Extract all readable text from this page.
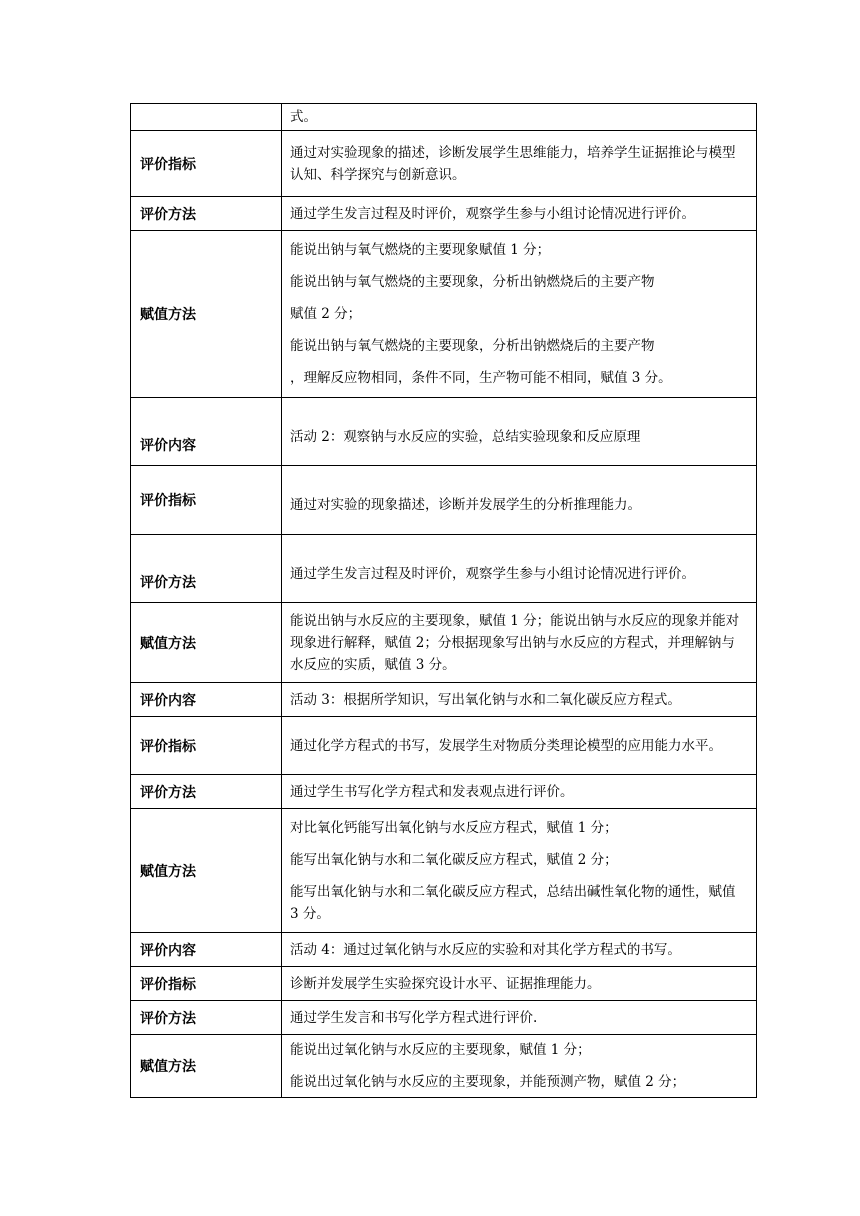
	式。

评价指标	通过对实验现象的描述，诊断发展学生思维能力，培养学生证据推论与模型认知、科学探究与创新意识。

评价方法	通过学生发言过程及时评价，观察学生参与小组讨论情况进行评价。

赋值方法	能说出钠与氧气燃烧的主要现象赋值 1 分；

能说出钠与氧气燃烧的主要现象，分析出钠燃烧后的主要产物

赋值 2 分；

能说出钠与氧气燃烧的主要现象，分析出钠燃烧后的主要产物

，理解反应物相同，条件不同，生产物可能不相同，赋值 3 分。

评价内容	活动 2：观察钠与水反应的实验，总结实验现象和反应原理

评价指标	通过对实验的现象描述，诊断并发展学生的分析推理能力。

评价方法	通过学生发言过程及时评价，观察学生参与小组讨论情况进行评价。

赋值方法	能说出钠与水反应的主要现象，赋值 1 分；能说出钠与水反应的现象并能对现象进行解释，赋值 2；分根据现象写出钠与水反应的方程式，并理解钠与水反应的实质，赋值 3 分。

评价内容	活动 3：根据所学知识，写出氧化钠与水和二氧化碳反应方程式。

评价指标	通过化学方程式的书写，发展学生对物质分类理论模型的应用能力水平。

评价方法	通过学生书写化学方程式和发表观点进行评价。

赋值方法	对比氧化钙能写出氧化钠与水反应方程式，赋值 1 分；

能写出氧化钠与水和二氧化碳反应方程式，赋值 2 分；

能写出氧化钠与水和二氧化碳反应方程式，总结出碱性氧化物的通性，赋值 3 分。

评价内容	活动 4：通过过氧化钠与水反应的实验和对其化学方程式的书写。

评价指标	诊断并发展学生实验探究设计水平、证据推理能力。

评价方法	通过学生发言和书写化学方程式进行评价.

赋值方法	能说出过氧化钠与水反应的主要现象，赋值 1 分；

能说出过氧化钠与水反应的主要现象，并能预测产物，赋值 2 分；
